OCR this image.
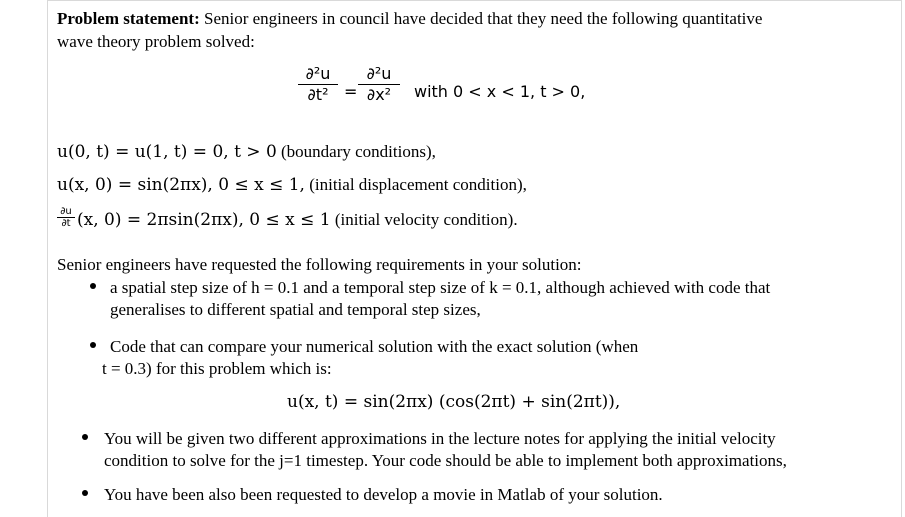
Problem statement: Senior engineers in council have decided that they need the following quantitative
wave theory problem solved:
∂²u
∂t² =
∂²u
∂x²	with 0 < x < 1, t > 0,
u(0, t) = u(1, t) = 0, t > 0 (boundary conditions),
u(x, 0) = sin(2πx), 0 ≤ x ≤ 1, (initial displacement condition),
∂u
∂t (x, 0) = 2πsin(2πx), 0 ≤ x ≤ 1 (initial velocity condition).
Senior engineers have requested the following requirements in your solution:
a spatial step size of h = 0.1 and a temporal step size of k = 0.1, although achieved with code that
generalises to different spatial and temporal step sizes,
Code that can compare your numerical solution with the exact solution (when
t = 0.3) for this problem which is:
u(x, t) = sin(2πx) (cos(2πt) + sin(2πt)),
You will be given two different approximations in the lecture notes for applying the initial velocity
condition to solve for the j=1 timestep. Your code should be able to implement both approximations,
You have been also been requested to develop a movie in Matlab of your solution.
